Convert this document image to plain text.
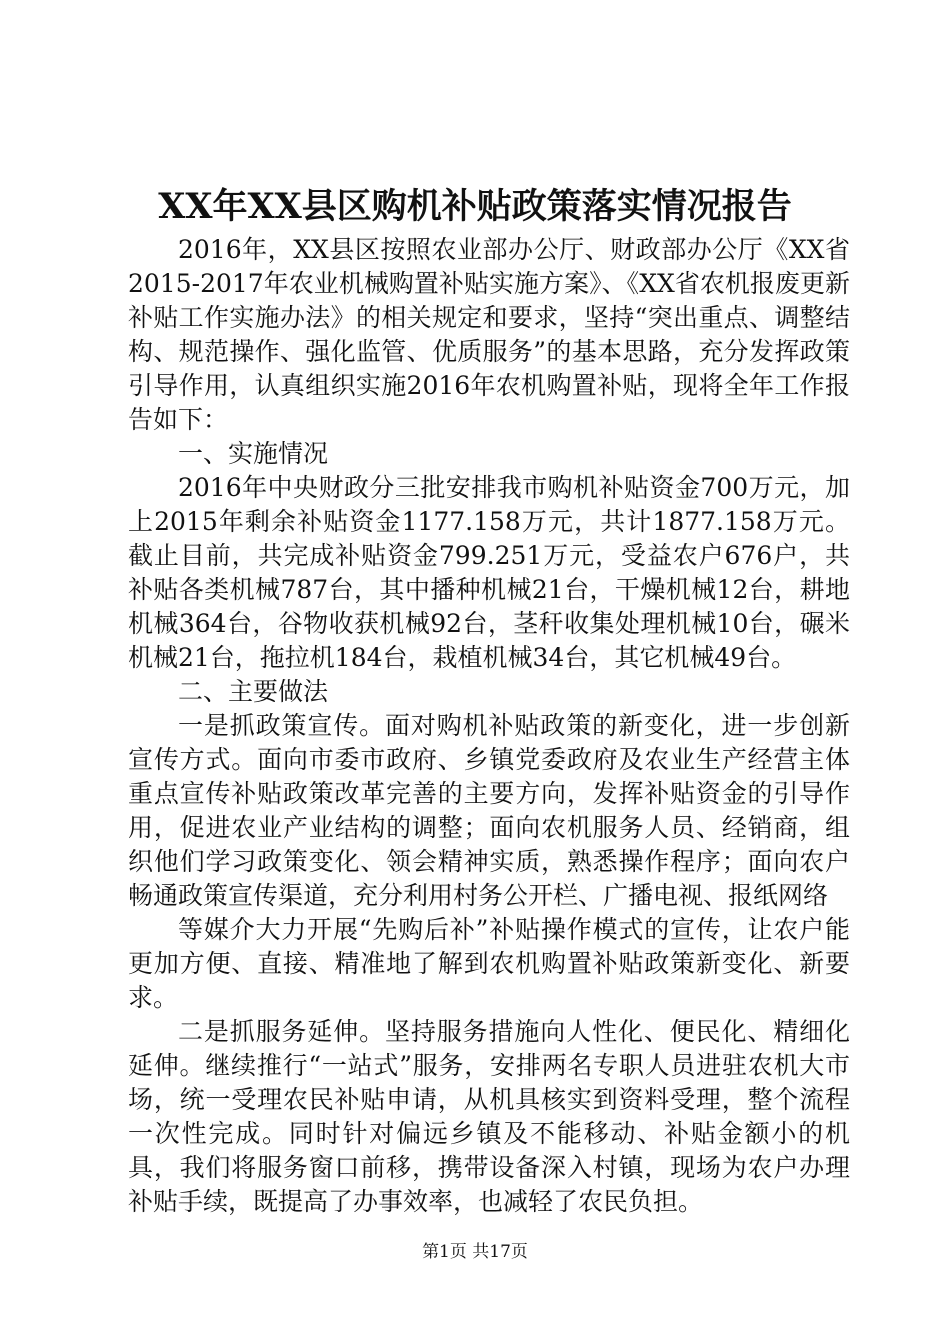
XX年XX县区购机补贴政策落实情况报告

2016年，XX县区按照农业部办公厅、财政部办公厅《XX省2015-2017年农业机械购置补贴实施方案》、《XX省农机报废更新补贴工作实施办法》的相关规定和要求，坚持“突出重点、调整结构、规范操作、强化监管、优质服务”的基本思路，充分发挥政策引导作用，认真组织实施2016年农机购置补贴，现将全年工作报告如下：

一、实施情况

2016年中央财政分三批安排我市购机补贴资金700万元，加上2015年剩余补贴资金1177.158万元，共计1877.158万元。截止目前，共完成补贴资金799.251万元，受益农户676户，共补贴各类机械787台，其中播种机械21台，干燥机械12台，耕地机械364台，谷物收获机械92台，茎秆收集处理机械10台，碾米机械21台，拖拉机184台，栽植机械34台，其它机械49台。

二、主要做法

一是抓政策宣传。面对购机补贴政策的新变化，进一步创新宣传方式。面向市委市政府、乡镇党委政府及农业生产经营主体重点宣传补贴政策改革完善的主要方向，发挥补贴资金的引导作用，促进农业产业结构的调整；面向农机服务人员、经销商，组织他们学习政策变化、领会精神实质，熟悉操作程序；面向农户畅通政策宣传渠道，充分利用村务公开栏、广播电视、报纸网络

等媒介大力开展“先购后补”补贴操作模式的宣传，让农户能更加方便、直接、精准地了解到农机购置补贴政策新变化、新要求。

二是抓服务延伸。坚持服务措施向人性化、便民化、精细化延伸。继续推行“一站式”服务，安排两名专职人员进驻农机大市场，统一受理农民补贴申请，从机具核实到资料受理，整个流程一次性完成。同时针对偏远乡镇及不能移动、补贴金额小的机具，我们将服务窗口前移，携带设备深入村镇，现场为农户办理补贴手续，既提高了办事效率，也减轻了农民负担。

第1页 共17页
